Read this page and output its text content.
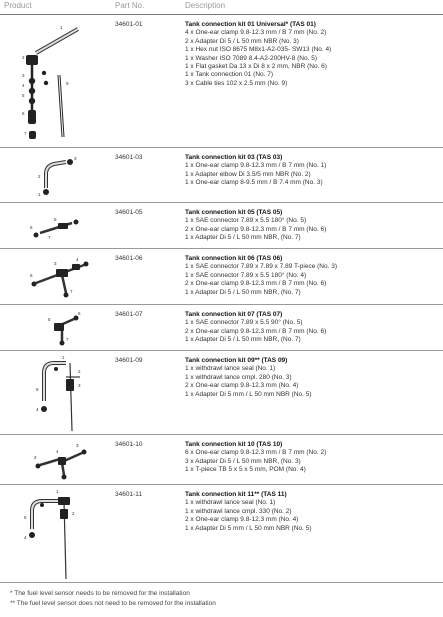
Product	Part No.	Description
1
2
3
4
5
6
9
7
34601-01	Tank connection kit 01 Universal* (TAS 01)
4 x One-ear clamp 9.8-12.3 mm / B 7 mm (No. 2)
2 x Adapter Di 5 / L 50 mm NBR (No. 3)
1 x Hex nut ISO 8675 M8x1-A2-035- SW13 (No. 4)
1 x Washer ISO 7089 8.4-A2-200HV-8 (No. 5)
1 x Flat gasket Da 13 x Di 8 x 2 mm, NBR (No. 6)
1 x Tank connection 01 (No. 7)
3 x Cable ties 102 x 2.5 mm (No. 9)
3
2
1
34601-03	Tank connection kit 03 (TAS 03)
1 x One-ear clamp 9.8-12.3 mm / B 7 mm (No. 1)
1 x Adapter elbow Di 3.5/5 mm NBR (No. 2)
1 x One-ear clamp 8-9.5 mm / B 7.4 mm (No. 3)
6
5
7
34601-05	Tank connection kit 05 (TAS 05)
1 x SAE connector 7.89 x 5.5 180° (No. 5)
2 x One-ear clamp 9.8-12.3 mm / B 7 mm (No. 6)
1 x Adapter Di 5 / L 50 mm NBR, (No. 7)
6
3
4
7
34601-06	Tank connection kit 06 (TAS 06)
1 x SAE connector 7.89 x 7.89 x 7.89 T-piece (No. 3)
1 x SAE connector 7.89 x 5.5 180° (No. 4)
2 x One-ear clamp 9.8-12.3 mm / B 7 mm (No. 6)
1 x Adapter Di 5 / L 50 mm NBR, (No. 7)
5
6
7
34601-07	Tank connection kit 07 (TAS 07)
1 x SAE connector 7.89 x 5.5 90° (No. 5)
2 x One-ear clamp 9.8-12.3 mm / B 7 mm (No. 6)
1 x Adapter Di 5 / L 50 mm NBR, (No. 7)
1
2
3
5
4
34601-09	Tank connection kit 09** (TAS 09)
1 x withdrawl lance seal (No. 1)
1 x withdrawl lance cmpl. 280 (No. 3)
2 x One-ear clamp 9.8-12.3 mm (No. 4)
1 x Adapter Di 5 mm / L 50 mm NBR (No. 5)
2
4
3	34601-10	Tank connection kit 10 (TAS 10)
6 x One-ear clamp 9.8-12.3 mm / B 7 mm (No. 2)
3 x Adapter Di 5 / L 50 mm NBR, (No. 3)
1 x T-piece TB 5 x 5 x 5 mm, POM (No. 4)
1
2
5
4
34601-11	Tank connection kit 11** (TAS 11)
1 x withdrawl lance seal (No. 1)
1 x withdrawl lance cmpl. 330 (No. 2)
2 x One-ear clamp 9.8-12.3 mm (No. 4)
1 x Adapter Di 5 mm / L 50 mm NBR (No. 5)
* The fuel level sensor needs to be removed for the installation
** The fuel level sensor does not need to be removed for the installation
